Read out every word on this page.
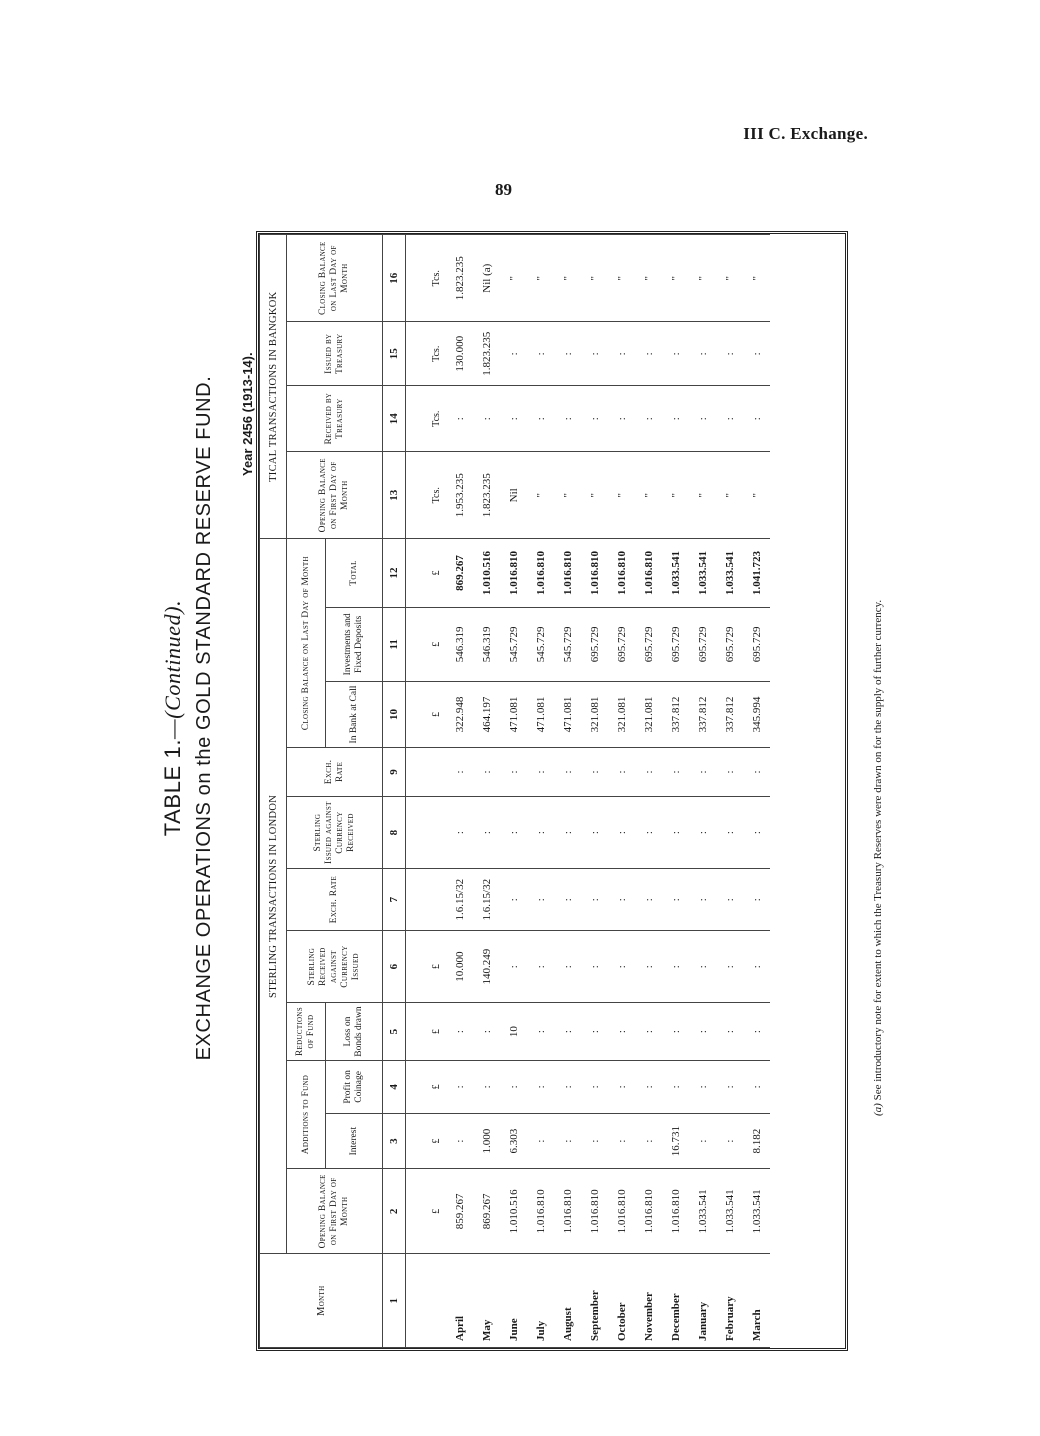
III C. Exchange.
89
TABLE 1.—(Continued). EXCHANGE OPERATIONS on the GOLD STANDARD RESERVE FUND. Year 2456 (1913-14).
Month	STERLING TRANSACTIONS IN LONDON											TICAL TRANSACTIONS IN BANGKOK			
	Opening Balance on First Day of Month	Additions to Fund		Reductions of Fund	Sterling Received against Currency Issued	Exch. Rate	Sterling Issued against Currency Received	Exch. Rate	Closing Balance on Last Day of Month			Opening Balance on First Day of Month	Received by Treasury	Issued by Treasury	Closing Balance on Last Day of Month
		Interest	Profit on Coinage	Loss on Bonds drawn					In Bank at Call	Investments and Fixed Deposits	Total				
1	2	3	4	5	6	7	8	9	10	11	12	13	14	15	16
	£	£	£	£	£				£	£	£	Tcs.	Tcs.	Tcs.	Tcs.
April	859.267	:	:	:	10.000	1.6.15/32	:	:	322.948	546.319	869.267	1.953.235	:	130.000	1.823.235
May	869.267	1.000	:	:	140.249	1.6.15/32	:	:	464.197	546.319	1.010.516	1.823.235	:	1.823.235	Nil (a)
June	1.010.516	6.303	:	10	:	:	:	:	471.081	545.729	1.016.810	Nil	:	:	"
July	1.016.810	:	:	:	:	:	:	:	471.081	545.729	1.016.810	"	:	:	"
August	1.016.810	:	:	:	:	:	:	:	471.081	545.729	1.016.810	"	:	:	"
September	1.016.810	:	:	:	:	:	:	:	321.081	695.729	1.016.810	"	:	:	"
October	1.016.810	:	:	:	:	:	:	:	321.081	695.729	1.016.810	"	:	:	"
November	1.016.810	:	:	:	:	:	:	:	321.081	695.729	1.016.810	"	:	:	"
December	1.016.810	16.731	:	:	:	:	:	:	337.812	695.729	1.033.541	"	:	:	"
January	1.033.541	:	:	:	:	:	:	:	337.812	695.729	1.033.541	"	:	:	"
February	1.033.541	:	:	:	:	:	:	:	337.812	695.729	1.033.541	"	:	:	"
March	1.033.541	8.182	:	:	:	:	:	:	345.994	695.729	1.041.723	"	:	:	"
(a) See introductory note for extent to which the Treasury Reserves were drawn on for the supply of further currency.
